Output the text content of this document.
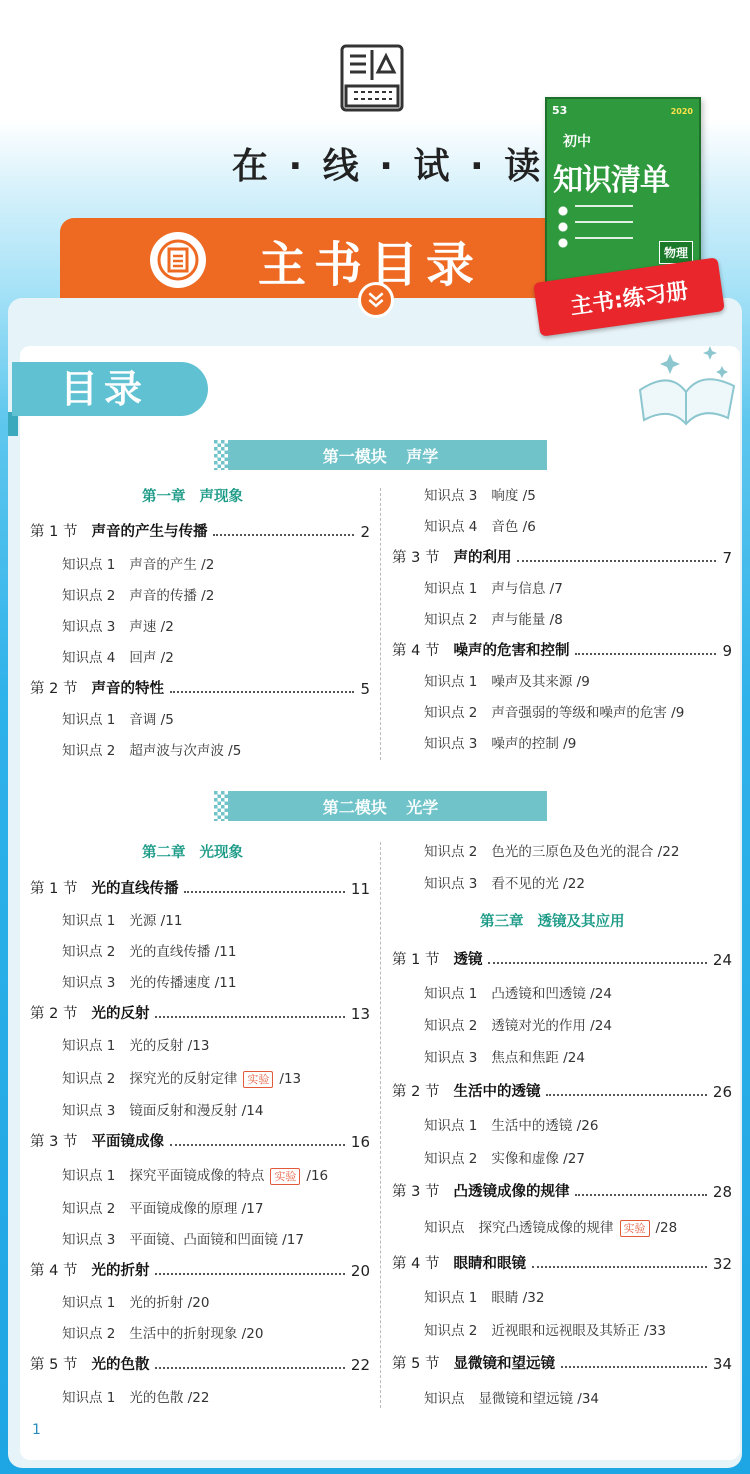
在 · 线 · 试 · 读
主书目录
53	2020
初中
知识清单
物理
主书:练习册
目录
第一模块 声学
第二模块 光学
第一章 声现象
第二章 光现象
第三章 透镜及其应用
第 1 节 声音的产生与传播	2
知识点 1 声音的产生 /2
知识点 2 声音的传播 /2
知识点 3 声速 /2
知识点 4 回声 /2
第 2 节 声音的特性	5
知识点 1 音调 /5
知识点 2 超声波与次声波 /5
知识点 3 响度 /5
知识点 4 音色 /6
第 3 节 声的利用	7
知识点 1 声与信息 /7
知识点 2 声与能量 /8
第 4 节 噪声的危害和控制	9
知识点 1 噪声及其来源 /9
知识点 2 声音强弱的等级和噪声的危害 /9
知识点 3 噪声的控制 /9
第 1 节 光的直线传播	11
知识点 1 光源 /11
知识点 2 光的直线传播 /11
知识点 3 光的传播速度 /11
第 2 节 光的反射	13
知识点 1 光的反射 /13
知识点 2 探究光的反射定律 实验 /13
知识点 3 镜面反射和漫反射 /14
第 3 节 平面镜成像	16
知识点 1 探究平面镜成像的特点 实验 /16
知识点 2 平面镜成像的原理 /17
知识点 3 平面镜、凸面镜和凹面镜 /17
第 4 节 光的折射	20
知识点 1 光的折射 /20
知识点 2 生活中的折射现象 /20
第 5 节 光的色散	22
知识点 1 光的色散 /22
知识点 2 色光的三原色及色光的混合 /22
知识点 3 看不见的光 /22
第 1 节 透镜	24
知识点 1 凸透镜和凹透镜 /24
知识点 2 透镜对光的作用 /24
知识点 3 焦点和焦距 /24
第 2 节 生活中的透镜	26
知识点 1 生活中的透镜 /26
知识点 2 实像和虚像 /27
第 3 节 凸透镜成像的规律	28
知识点 探究凸透镜成像的规律 实验 /28
第 4 节 眼睛和眼镜	32
知识点 1 眼睛 /32
知识点 2 近视眼和远视眼及其矫正 /33
第 5 节 显微镜和望远镜	34
知识点 显微镜和望远镜 /34
1
